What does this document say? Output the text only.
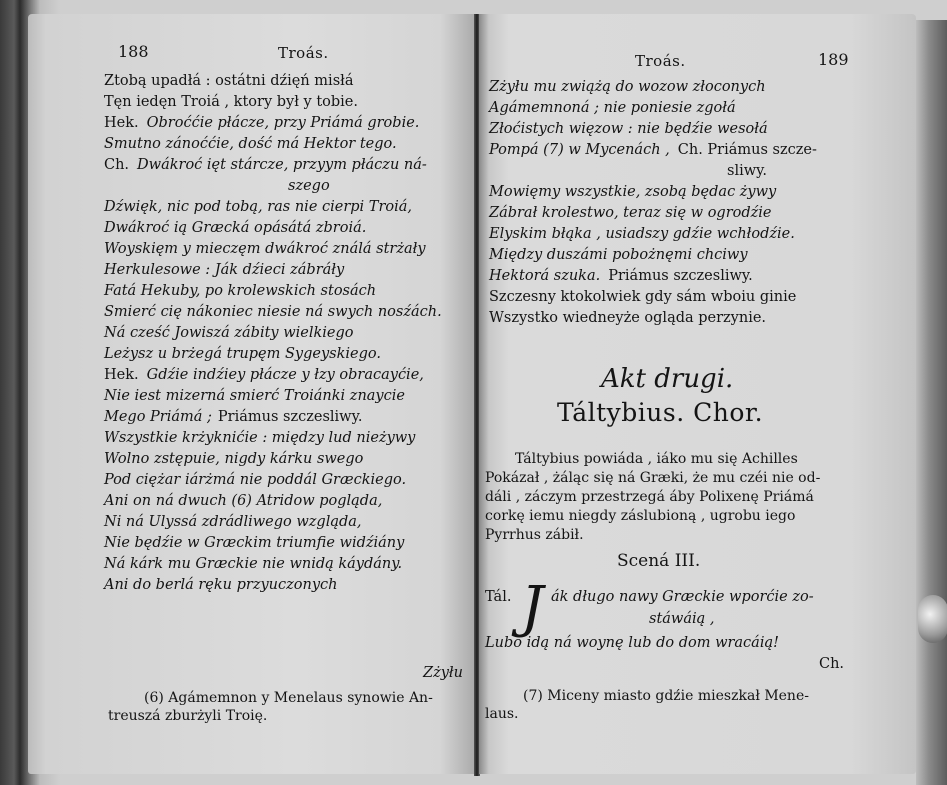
188	Troás.
Ztobą upadłá : ostátni dźięń misłá
Tęn iedęn Troiá , ktory był y tobie.
Hek. Obroććie płácze, przy Priámá grobie.
Smutno zánoććie, dość má Hektor tego.
Ch. Dwákroć ięt stárcze, przyym płáczu ná-
szego
Dźwięk, nic pod tobą, ras nie cierpi Troiá,
Dwákroć ią Græcká opásátá zbroiá.
Woyskięm y mieczęm dwákroć ználá strżały
Herkulesowe : Ják dźieci zábráły
Fatá Hekuby, po krolewskich stosách
Smierć cię nákoniec niesie ná swych nosźách.
Ná cześć Jowiszá zábity wielkiego
Leżysz u brżegá trupęm Sygeyskiego.
Hek. Gdźie indźiey płácze y łzy obracayćie,
Nie iest mizerná smierć Troiánki znaycie
Mego Priámá ; Priámus szczesliwy.
Wszystkie krżyknićie : między lud nieżywy
Wolno zstępuie, nigdy kárku swego
Pod ciężar iárżmá nie poddál Græckiego.
Ani on ná dwuch (6) Atridow pogląda,
Ni ná Ulyssá zdrádliwego wzgląda,
Nie będźie w Græckim triumfie widźiány
Ná kárk mu Græckie nie wnidą káydány.
Ani do berlá ręku przyuczonych
Zżyłu
(6) Agámemnon y Menelaus synowie An-
treuszá zburżyli Troię.
Troás.	189
Zżyłu mu zwiążą do wozow złoconych
Agámemnoná ; nie poniesie zgołá
Złoćistych więzow : nie będźie wesołá
Pompá (7) w Mycenách , Ch. Priámus szcze-
sliwy.
Mowięmy wszystkie, zsobą będac żywy
Zábrał krolestwo, teraz się w ogrodźie
Elyskim błąka , usiadszy gdźie wchłodźie.
Między duszámi pobożnęmi chciwy
Hektorá szuka. Priámus szczesliwy.
Szczesny ktokolwiek gdy sám wboiu ginie
Wszystko wiedneyże ogląda perzynie.
Akt drugi.
Táltybius. Chor.
Táltybius powiáda , iáko mu się Achilles
Pokázał , żáląc się ná Græki, że mu czéi nie od-
dáli , záczym przestrzegá áby Polixenę Priámá
corkę iemu niegdy záslubioną , ugrobu iego
Pyrrhus zábił.
Scená III.
Tál. J ák długo nawy Græckie wporćie zo-
stáwáią ,
Lubo idą ná woynę lub do dom wracáią!
Ch.
(7) Miceny miasto gdźie mieszkał Mene-
laus.
